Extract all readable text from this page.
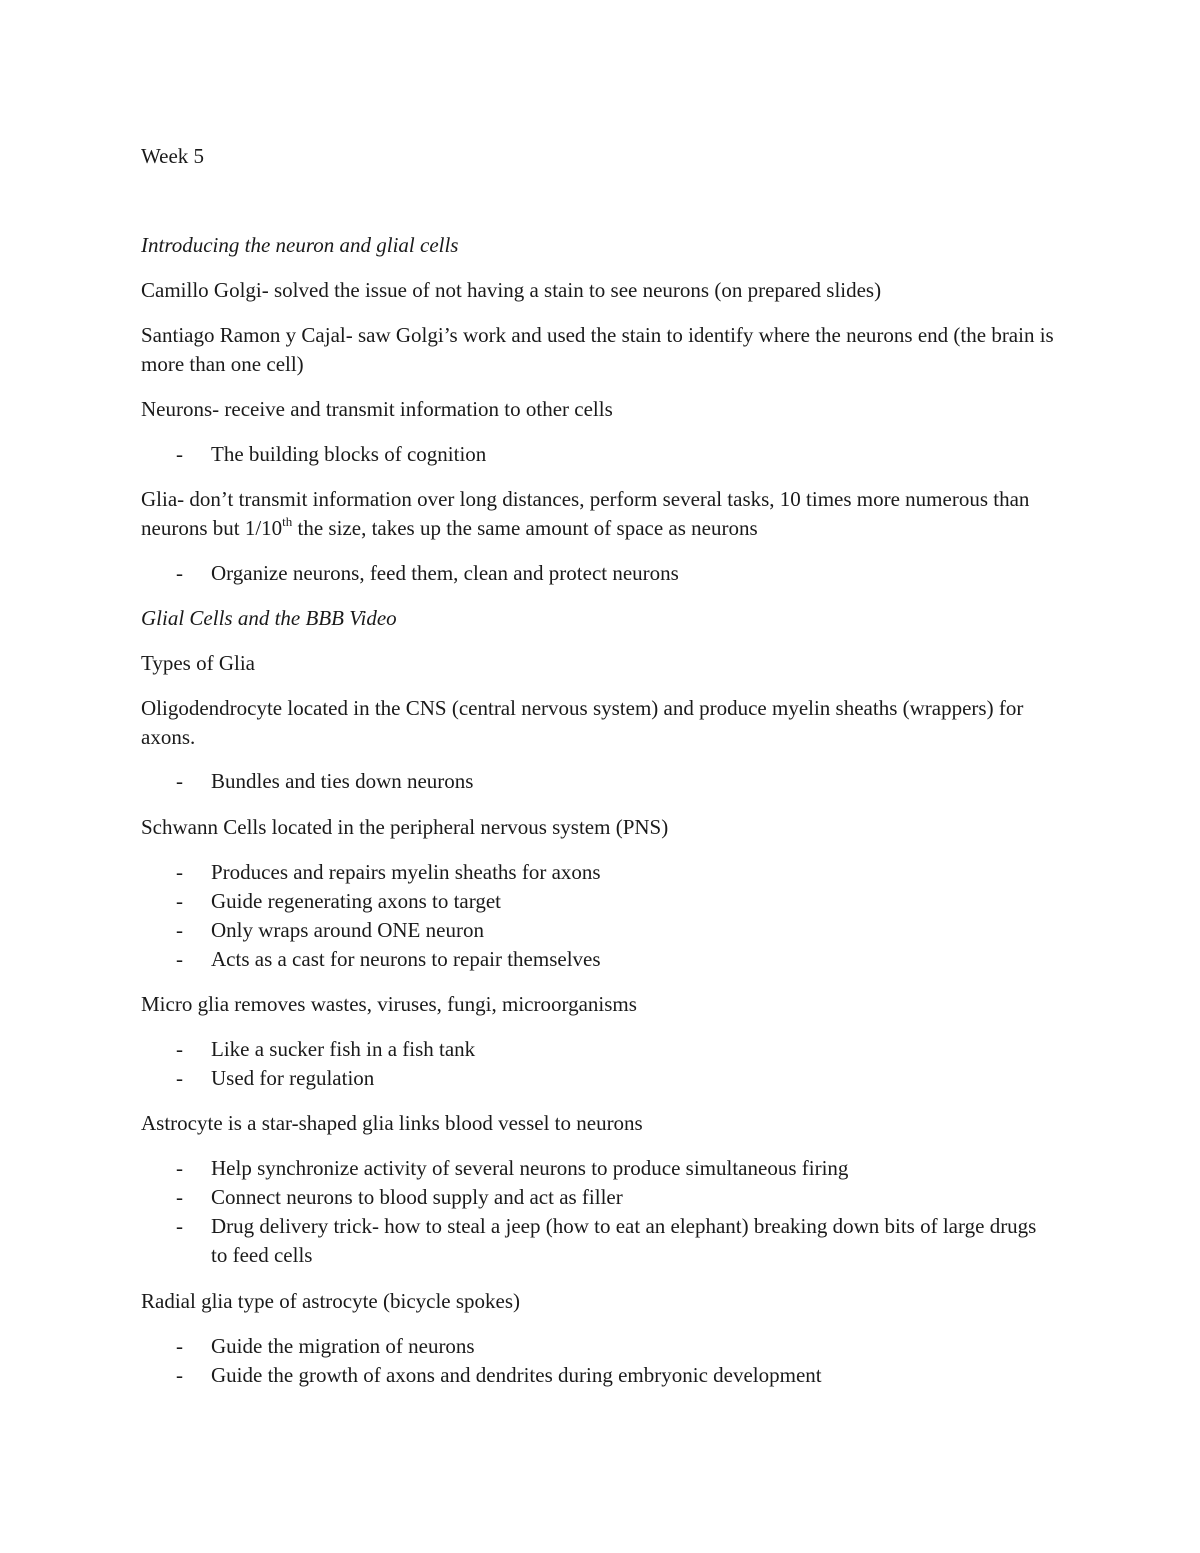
Week 5

Introducing the neuron and glial cells

Camillo Golgi- solved the issue of not having a stain to see neurons (on prepared slides)

Santiago Ramon y Cajal- saw Golgi’s work and used the stain to identify where the neurons end (the brain is more than one cell)

Neurons- receive and transmit information to other cells

- The building blocks of cognition

Glia- don’t transmit information over long distances, perform several tasks, 10 times more numerous than neurons but 1/10th the size, takes up the same amount of space as neurons

- Organize neurons, feed them, clean and protect neurons

Glial Cells and the BBB Video

Types of Glia

Oligodendrocyte located in the CNS (central nervous system) and produce myelin sheaths (wrappers) for axons.

- Bundles and ties down neurons

Schwann Cells located in the peripheral nervous system (PNS)

- Produces and repairs myelin sheaths for axons
- Guide regenerating axons to target
- Only wraps around ONE neuron
- Acts as a cast for neurons to repair themselves

Micro glia removes wastes, viruses, fungi, microorganisms

- Like a sucker fish in a fish tank
- Used for regulation

Astrocyte is a star-shaped glia links blood vessel to neurons

- Help synchronize activity of several neurons to produce simultaneous firing
- Connect neurons to blood supply and act as filler
- Drug delivery trick- how to steal a jeep (how to eat an elephant) breaking down bits of large drugs to feed cells

Radial glia type of astrocyte (bicycle spokes)

- Guide the migration of neurons
- Guide the growth of axons and dendrites during embryonic development
